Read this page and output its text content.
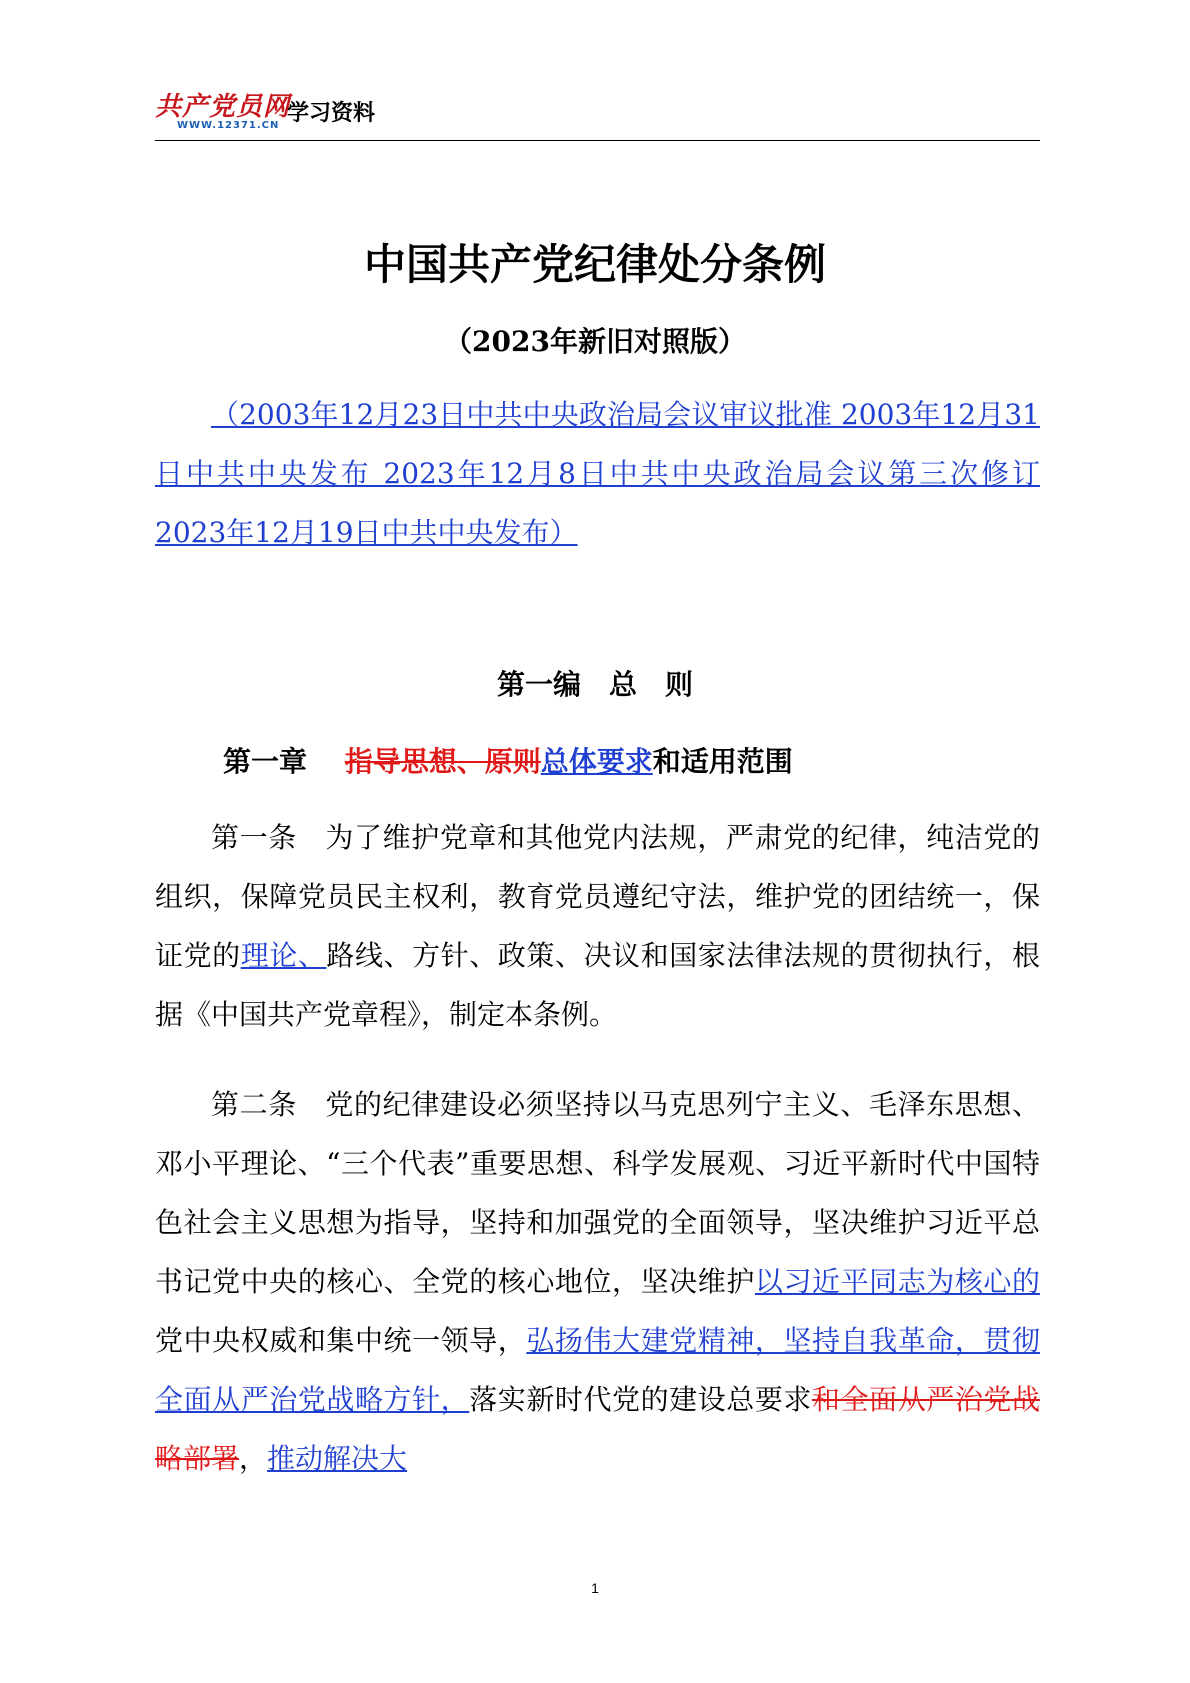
共产党员网
WWW.12371.CN 学习资料
中国共产党纪律处分条例
（2023年新旧对照版）

（2003年12月23日中共中央政治局会议审议批准 2003年12月31日中共中央发布 2023年12月8日中共中央政治局会议第三次修订 2023年12月19日中共中央发布）

第一编　总　则
第一章　 指导思想、原则总体要求和适用范围

第一条　为了维护党章和其他党内法规，严肃党的纪律，纯洁党的组织，保障党员民主权利，教育党员遵纪守法，维护党的团结统一，保证党的理论、路线、方针、政策、决议和国家法律法规的贯彻执行，根据《中国共产党章程》，制定本条例。

第二条　党的纪律建设必须坚持以马克思列宁主义、毛泽东思想、邓小平理论、“三个代表”重要思想、科学发展观、习近平新时代中国特色社会主义思想为指导，坚持和加强党的全面领导，坚决维护习近平总书记党中央的核心、全党的核心地位，坚决维护以习近平同志为核心的党中央权威和集中统一领导，弘扬伟大建党精神，坚持自我革命，贯彻全面从严治党战略方针，落实新时代党的建设总要求和全面从严治党战略部署，推动解决大

1
